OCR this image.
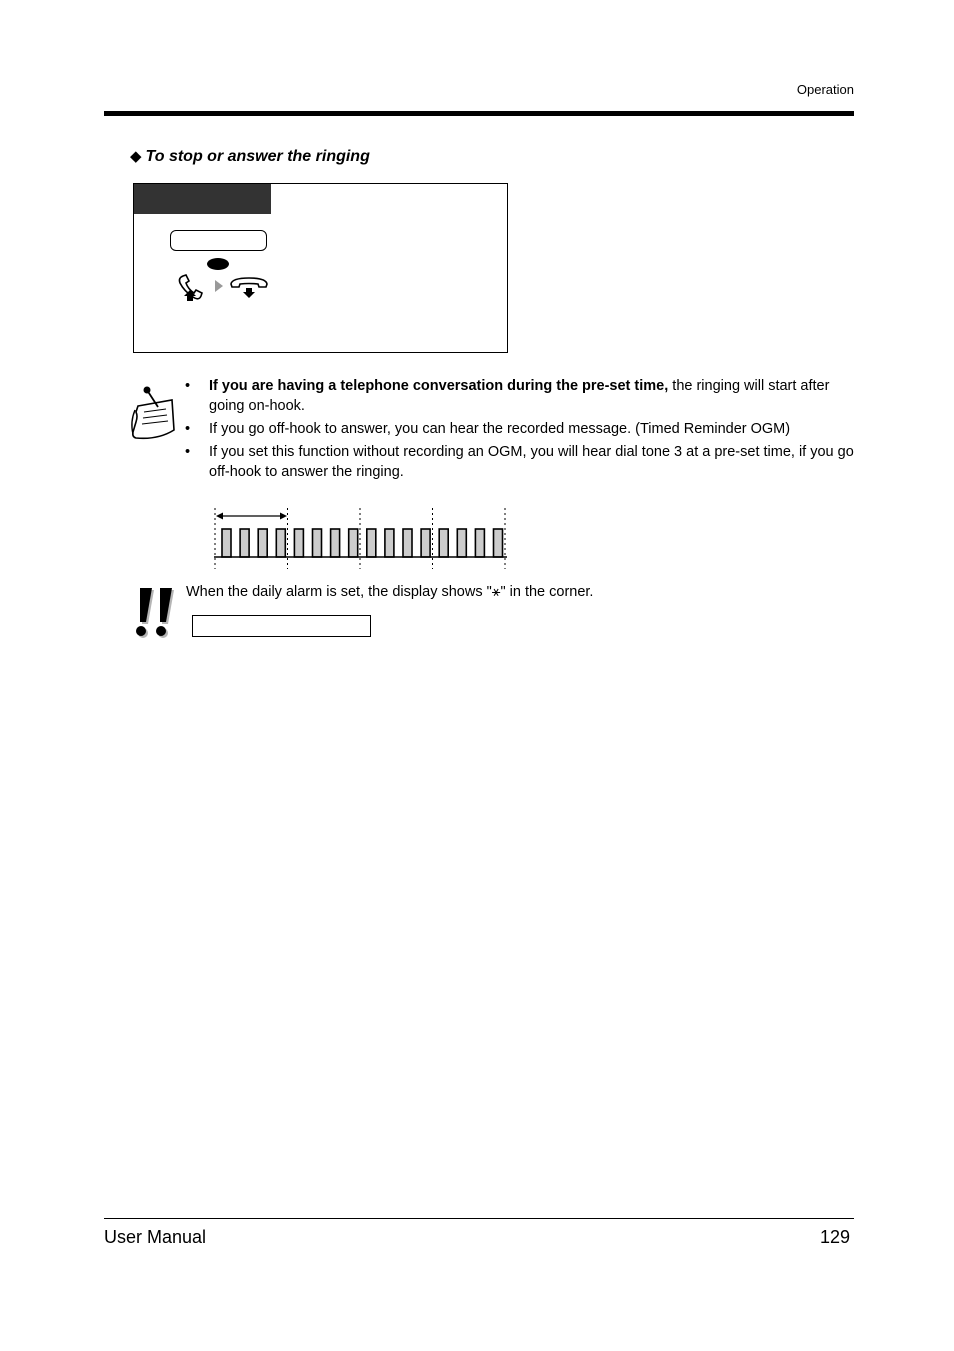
Operation
◆ To stop or answer the ringing
• If you are having a telephone conversation during the pre-set time, the ringing will start after going on-hook.
• If you go off-hook to answer, you can hear the recorded message. (Timed Reminder OGM)
• If you set this function without recording an OGM, you will hear dial tone 3 at a pre-set time, if you go off-hook to answer the ringing.
When the daily alarm is set, the display shows "⚹" in the corner.
User Manual	129
